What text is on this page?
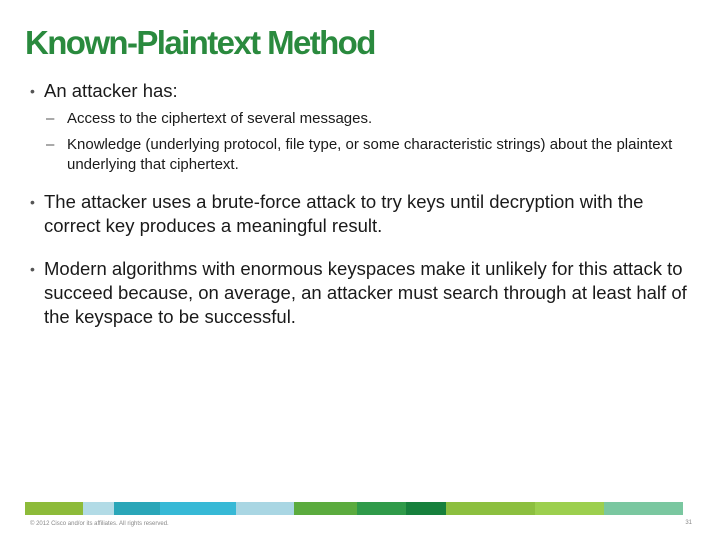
Known-Plaintext Method

• An attacker has:

– Access to the ciphertext of several messages.

– Knowledge (underlying protocol, file type, or some characteristic strings) about the plaintext underlying that ciphertext.

• The attacker uses a brute-force attack to try keys until decryption with the correct key produces a meaningful result.

• Modern algorithms with enormous keyspaces make it unlikely for this attack to succeed because, on average, an attacker must search through at least half of the keyspace to be successful.

© 2012 Cisco and/or its affiliates. All rights reserved.	31
